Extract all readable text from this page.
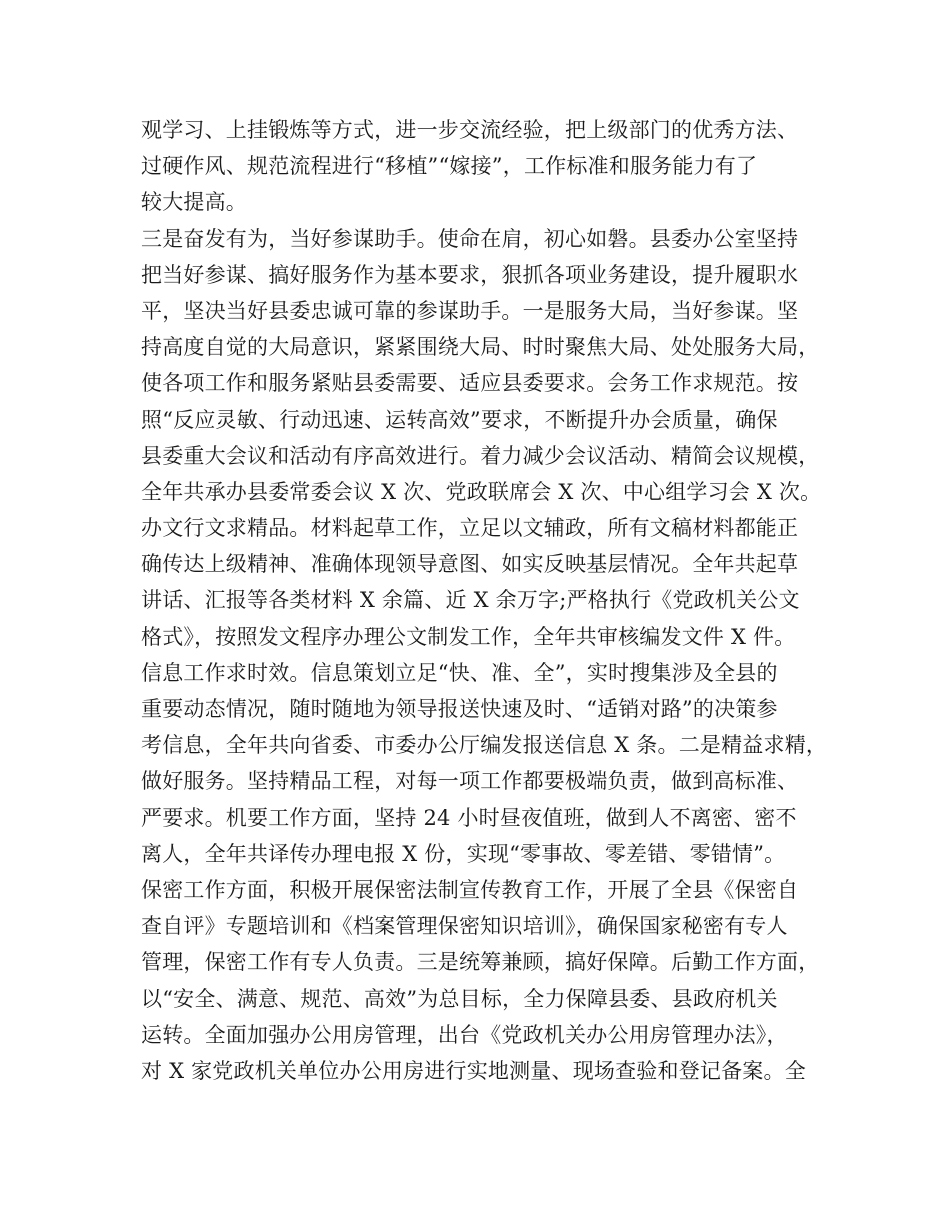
观学习、上挂锻炼等方式，进一步交流经验，把上级部门的优秀方法、
过硬作风、规范流程进行“移植”“嫁接”，工作标准和服务能力有了
较大提高。
三是奋发有为，当好参谋助手。使命在肩，初心如磐。县委办公室坚持
把当好参谋、搞好服务作为基本要求，狠抓各项业务建设，提升履职水
平，坚决当好县委忠诚可靠的参谋助手。一是服务大局，当好参谋。坚
持高度自觉的大局意识，紧紧围绕大局、时时聚焦大局、处处服务大局，
使各项工作和服务紧贴县委需要、适应县委要求。会务工作求规范。按
照“反应灵敏、行动迅速、运转高效”要求，不断提升办会质量，确保
县委重大会议和活动有序高效进行。着力减少会议活动、精简会议规模，
全年共承办县委常委会议 X 次、党政联席会 X 次、中心组学习会 X 次。
办文行文求精品。材料起草工作，立足以文辅政，所有文稿材料都能正
确传达上级精神、准确体现领导意图、如实反映基层情况。全年共起草
讲话、汇报等各类材料 X 余篇、近 X 余万字;严格执行《党政机关公文
格式》，按照发文程序办理公文制发工作，全年共审核编发文件 X 件。
信息工作求时效。信息策划立足“快、准、全”，实时搜集涉及全县的
重要动态情况，随时随地为领导报送快速及时、“适销对路”的决策参
考信息，全年共向省委、市委办公厅编发报送信息 X 条。二是精益求精，
做好服务。坚持精品工程，对每一项工作都要极端负责，做到高标准、
严要求。机要工作方面，坚持 24 小时昼夜值班，做到人不离密、密不
离人，全年共译传办理电报 X 份，实现“零事故、零差错、零错情”。
保密工作方面，积极开展保密法制宣传教育工作，开展了全县《保密自
查自评》专题培训和《档案管理保密知识培训》，确保国家秘密有专人
管理，保密工作有专人负责。三是统筹兼顾，搞好保障。后勤工作方面，
以“安全、满意、规范、高效”为总目标，全力保障县委、县政府机关
运转。全面加强办公用房管理，出台《党政机关办公用房管理办法》，
对 X 家党政机关单位办公用房进行实地测量、现场查验和登记备案。全
